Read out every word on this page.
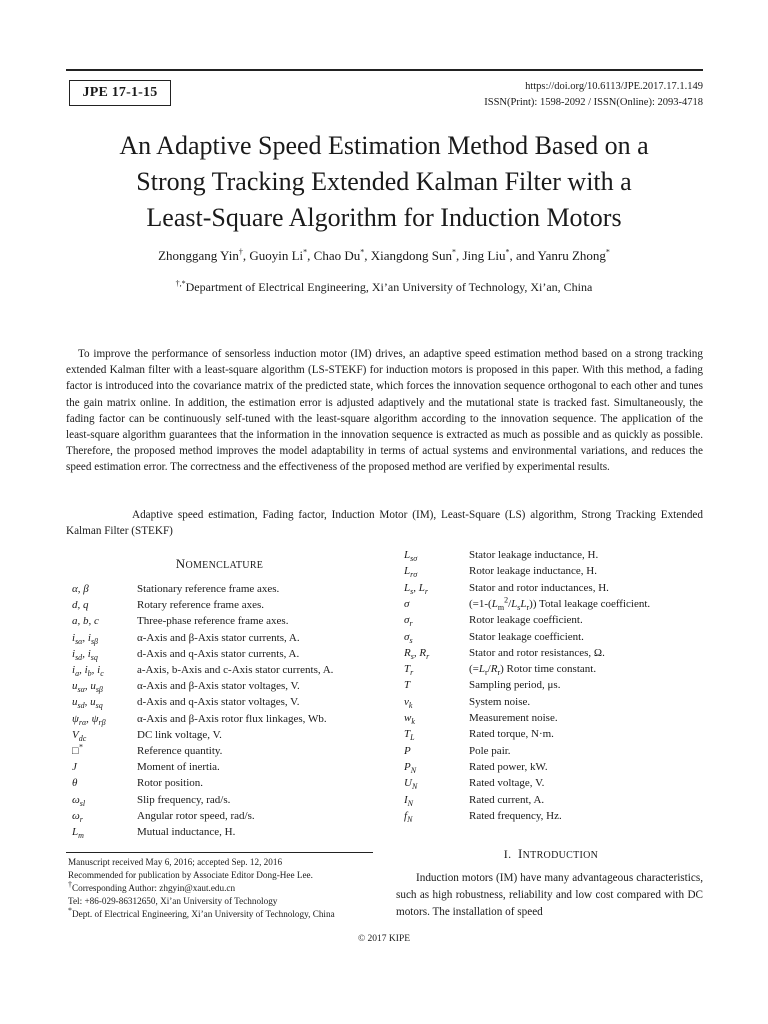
JPE 17-1-15	https://doi.org/10.6113/JPE.2017.17.1.149
ISSN(Print): 1598-2092 / ISSN(Online): 2093-4718
An Adaptive Speed Estimation Method Based on a
Strong Tracking Extended Kalman Filter with a
Least-Square Algorithm for Induction Motors
Zhonggang Yin†, Guoyin Li*, Chao Du*, Xiangdong Sun*, Jing Liu*, and Yanru Zhong*
†,*Department of Electrical Engineering, Xi’an University of Technology, Xi’an, China
To improve the performance of sensorless induction motor (IM) drives, an adaptive speed estimation method based on a strong tracking extended Kalman filter with a least-square algorithm (LS-STEKF) for induction motors is proposed in this paper. With this method, a fading factor is introduced into the covariance matrix of the predicted state, which forces the innovation sequence orthogonal to each other and tunes the gain matrix online. In addition, the estimation error is adjusted adaptively and the mutational state is tracked fast. Simultaneously, the fading factor can be continuously self-tuned with the least-square algorithm according to the innovation sequence. The application of the least-square algorithm guarantees that the information in the innovation sequence is extracted as much as possible and as quickly as possible. Therefore, the proposed method improves the model adaptability in terms of actual systems and environmental variations, and reduces the speed estimation error. The correctness and the effectiveness of the proposed method are verified by experimental results.
Adaptive speed estimation, Fading factor, Induction Motor (IM), Least-Square (LS) algorithm, Strong Tracking Extended Kalman Filter (STEKF)
NOMENCLATURE
α, β	Stationary reference frame axes.
d, q	Rotary reference frame axes.
a, b, c	Three-phase reference frame axes.
$i_{s\alpha}$, $i_{s\beta}$	α-Axis and β-Axis stator currents, A.
$i_{sd}$, $i_{sq}$	d-Axis and q-Axis stator currents, A.
$i_a$, $i_b$, $i_c$	a-Axis, b-Axis and c-Axis stator currents, A.
$u_{s\alpha}$, $u_{s\beta}$	α-Axis and β-Axis stator voltages, V.
$u_{sd}$, $u_{sq}$	d-Axis and q-Axis stator voltages, V.
$\psi_{r\alpha}$, $\psi_{r\beta}$	α-Axis and β-Axis rotor flux linkages, Wb.
$V_{dc}$	DC link voltage, V.
□*	Reference quantity.
J	Moment of inertia.
θ	Rotor position.
$\omega_{sl}$	Slip frequency, rad/s.
$\omega_r$	Angular rotor speed, rad/s.
$L_m$	Mutual inductance, H.
$L_{s\sigma}$	Stator leakage inductance, H.
$L_{r\sigma}$	Rotor leakage inductance, H.
$L_s$, $L_r$	Stator and rotor inductances, H.
σ	$(=1-(L_m^2/L_sL_r))$ Total leakage coefficient.
$\sigma_r$	Rotor leakage coefficient.
$\sigma_s$	Stator leakage coefficient.
$R_s$, $R_r$	Stator and rotor resistances, Ω.
$T_r$	$(=L_r/R_r)$ Rotor time constant.
T	Sampling period, μs.
$v_k$	System noise.
$w_k$	Measurement noise.
$T_L$	Rated torque, N·m.
P	Pole pair.
$P_N$	Rated power, kW.
$U_N$	Rated voltage, V.
$I_N$	Rated current, A.
$f_N$	Rated frequency, Hz.
Manuscript received May 6, 2016; accepted Sep. 12, 2016
Recommended for publication by Associate Editor Dong-Hee Lee.
†Corresponding Author: zhgyin@xaut.edu.cn
Tel: +86-029-86312650, Xi’an University of Technology
*Dept. of Electrical Engineering, Xi’an University of Technology, China
I. INTRODUCTION
Induction motors (IM) have many advantageous characteristics, such as high robustness, reliability and low cost compared with DC motors. The installation of speed
© 2017 KIPE
